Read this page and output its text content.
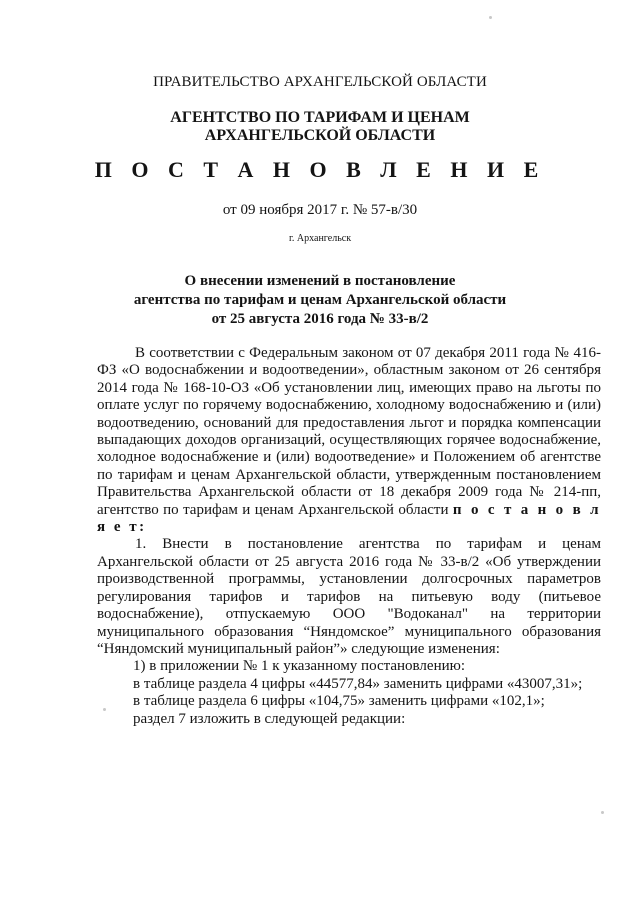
ПРАВИТЕЛЬСТВО АРХАНГЕЛЬСКОЙ ОБЛАСТИ
АГЕНТСТВО ПО ТАРИФАМ И ЦЕНАМ
АРХАНГЕЛЬСКОЙ ОБЛАСТИ
П О С Т А Н О В Л Е Н И Е
от 09 ноября 2017 г. № 57-в/30
г. Архангельск
О внесении изменений в постановление
агентства по тарифам и ценам Архангельской области
от 25 августа 2016 года № 33-в/2

В соответствии с Федеральным законом от 07 декабря 2011 года № 416-ФЗ «О водоснабжении и водоотведении», областным законом от 26 сентября 2014 года № 168-10-ОЗ «Об установлении лиц, имеющих право на льготы по оплате услуг по горячему водоснабжению, холодному водоснабжению и (или) водоотведению, оснований для предоставления льгот и порядка компенсации выпадающих доходов организаций, осуществляющих горячее водоснабжение, холодное водоснабжение и (или) водоотведение» и Положением об агентстве по тарифам и ценам Архангельской области, утвержденным постановлением Правительства Архангельской области от 18 декабря 2009 года № 214-пп, агентство по тарифам и ценам Архангельской области п о с т а н о в л я е т:

1. Внести в постановление агентства по тарифам и ценам Архангельской области от 25 августа 2016 года № 33-в/2 «Об утверждении производственной программы, установлении долгосрочных параметров регулирования тарифов и тарифов на питьевую воду (питьевое водоснабжение), отпускаемую ООО "Водоканал" на территории муниципального образования “Няндомское” муниципального образования “Няндомский муниципальный район”» следующие изменения:

1) в приложении № 1 к указанному постановлению:

в таблице раздела 4 цифры «44577,84» заменить цифрами «43007,31»;

в таблице раздела 6 цифры «104,75» заменить цифрами «102,1»;

раздел 7 изложить в следующей редакции:
